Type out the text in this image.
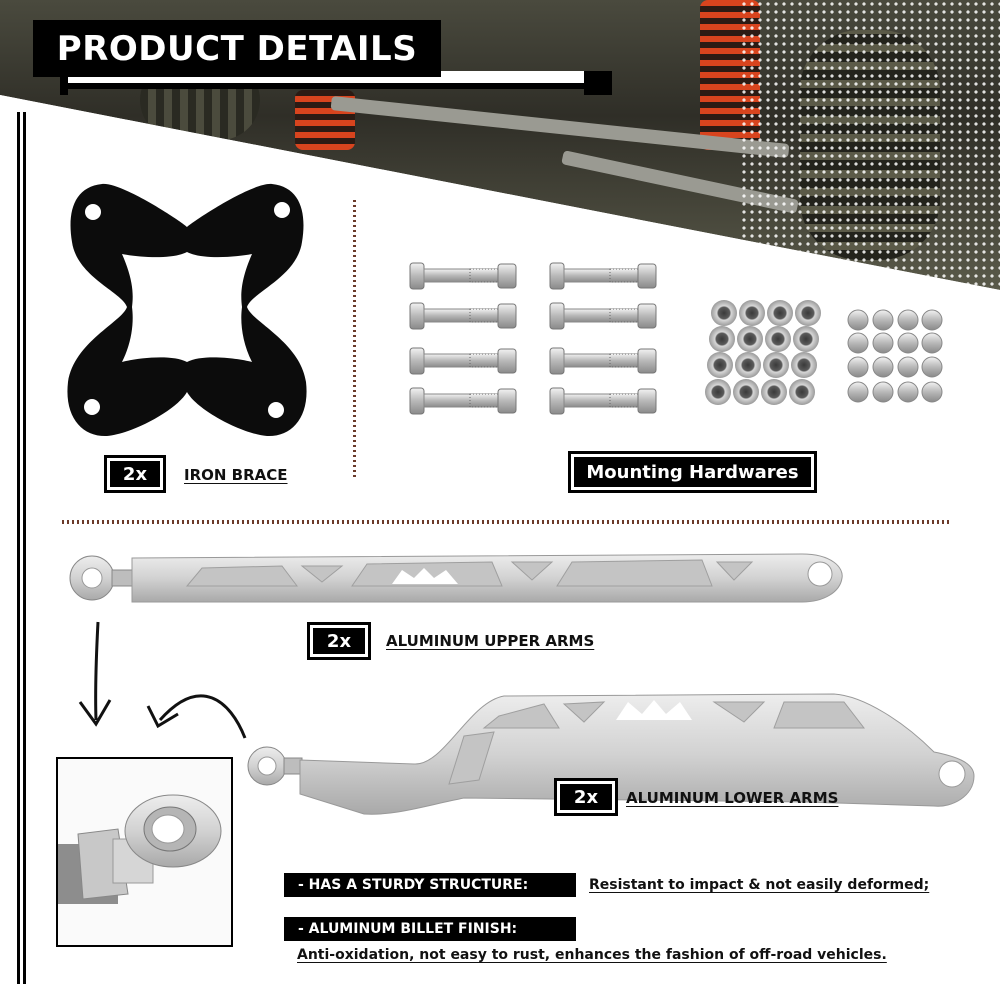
PRODUCT DETAILS
2x	IRON BRACE	Mounting Hardwares
2x	ALUMINUM UPPER ARMS
2x	ALUMINUM LOWER ARMS
- HAS A STURDY STRUCTURE:	Resistant to impact & not easily deformed;
- ALUMINUM BILLET FINISH:
Anti-oxidation, not easy to rust, enhances the fashion of off-road vehicles.
